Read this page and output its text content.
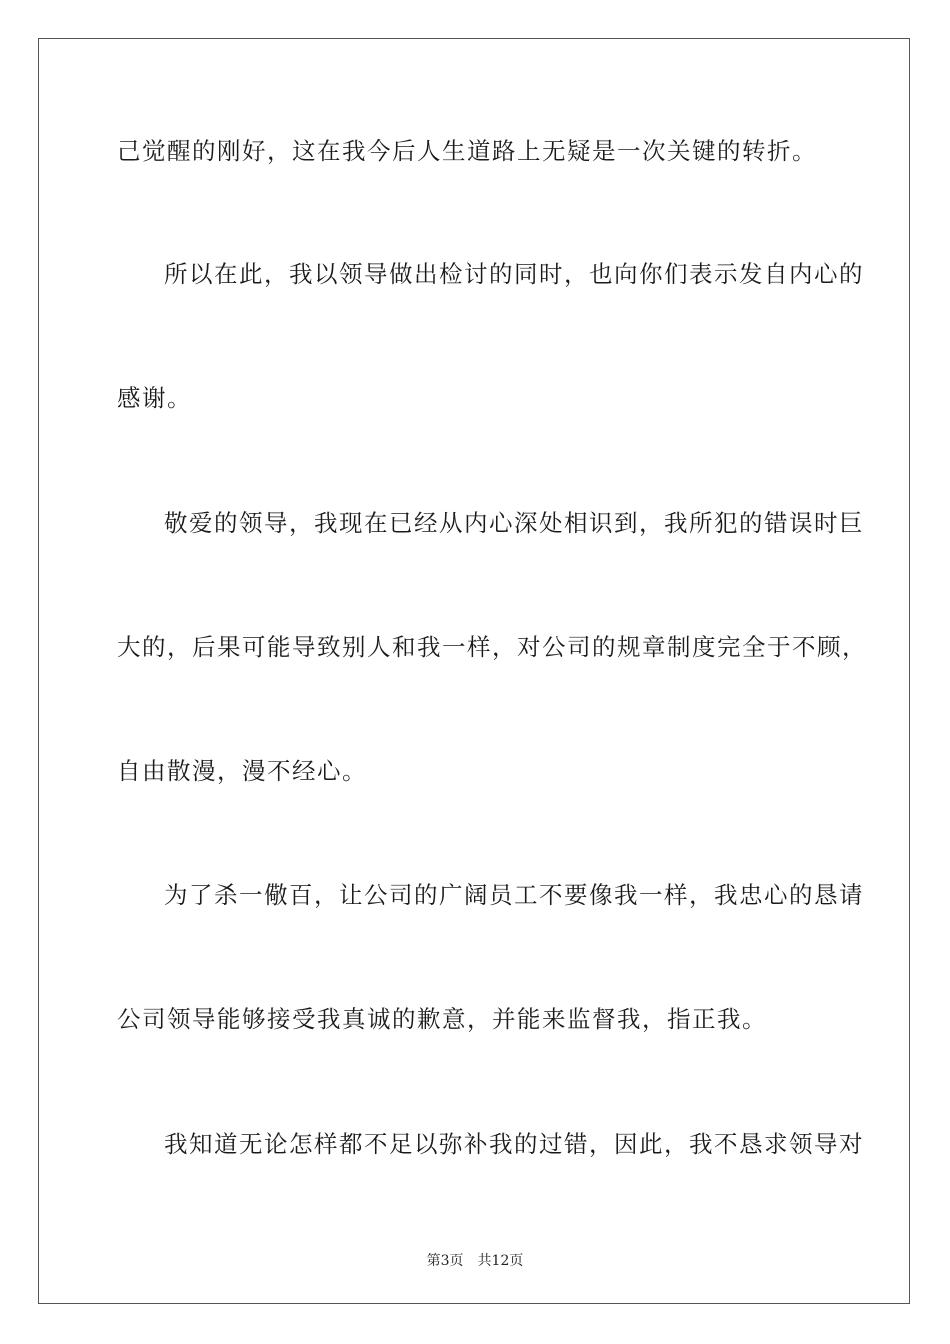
己觉醒的刚好，这在我今后人生道路上无疑是一次关键的转折。
所以在此，我以领导做出检讨的同时，也向你们表示发自内心的
感谢。
敬爱的领导，我现在已经从内心深处相识到，我所犯的错误时巨
大的，后果可能导致别人和我一样，对公司的规章制度完全于不顾，
自由散漫，漫不经心。
为了杀一儆百，让公司的广阔员工不要像我一样，我忠心的恳请
公司领导能够接受我真诚的歉意，并能来监督我，指正我。
我知道无论怎样都不足以弥补我的过错，因此，我不恳求领导对
第3页 共12页
